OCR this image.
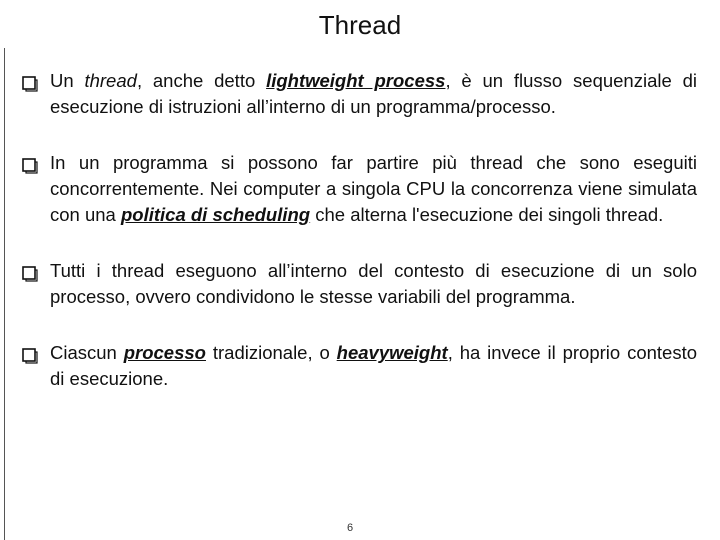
Thread
Un thread, anche detto lightweight process, è un flusso sequenziale di esecuzione di istruzioni all’interno di un programma/processo.
In un programma si possono far partire più thread che sono eseguiti concorrentemente. Nei computer a singola CPU la concorrenza viene simulata con una politica di scheduling che alterna l'esecuzione dei singoli thread.
Tutti i thread eseguono all’interno del contesto di esecuzione di un solo processo, ovvero condividono le stesse variabili del programma.
Ciascun processo tradizionale, o heavyweight, ha invece il proprio contesto di esecuzione.
6
